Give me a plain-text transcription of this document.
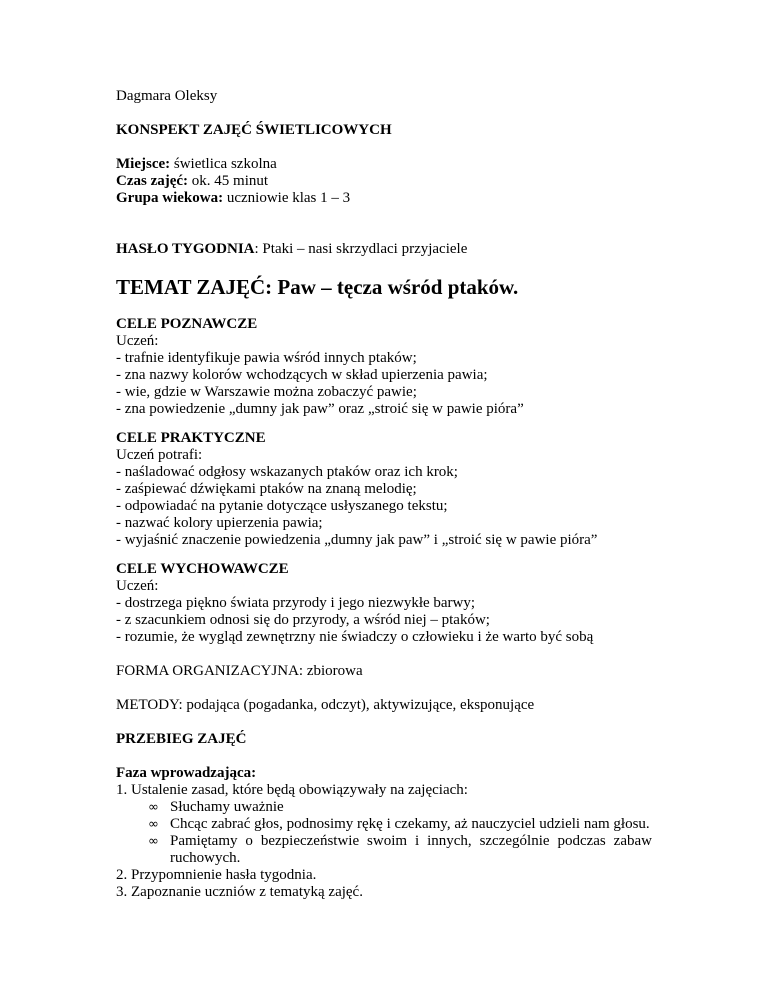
Dagmara Oleksy

KONSPEKT ZAJĘĆ ŚWIETLICOWYCH

Miejsce: świetlica szkolna

Czas zajęć: ok. 45 minut

Grupa wiekowa: uczniowie klas 1 – 3

HASŁO TYGODNIA: Ptaki – nasi skrzydlaci przyjaciele

TEMAT ZAJĘĆ: Paw – tęcza wśród ptaków.

CELE POZNAWCZE

Uczeń:

- trafnie identyfikuje pawia wśród innych ptaków;

- zna nazwy kolorów wchodzących w skład upierzenia pawia;

- wie, gdzie w Warszawie można zobaczyć pawie;

- zna powiedzenie „dumny jak paw” oraz „stroić się w pawie pióra”

CELE PRAKTYCZNE

Uczeń potrafi:

- naśladować odgłosy wskazanych ptaków oraz ich krok;

- zaśpiewać dźwiękami ptaków na znaną melodię;

- odpowiadać na pytanie dotyczące usłyszanego tekstu;

- nazwać kolory upierzenia pawia;

- wyjaśnić znaczenie powiedzenia „dumny jak paw” i „stroić się w pawie pióra”

CELE WYCHOWAWCZE

Uczeń:

- dostrzega piękno świata przyrody i jego niezwykłe barwy;

- z szacunkiem odnosi się do przyrody, a wśród niej – ptaków;

- rozumie, że wygląd zewnętrzny nie świadczy o człowieku i że warto być sobą

FORMA ORGANIZACYJNA: zbiorowa

METODY: podająca (pogadanka, odczyt), aktywizujące, eksponujące

PRZEBIEG ZAJĘĆ

Faza wprowadzająca:

1. Ustalenie zasad, które będą obowiązywały na zajęciach:

∞ Słuchamy uważnie
∞ Chcąc zabrać głos, podnosimy rękę i czekamy, aż nauczyciel udzieli nam głosu.
∞ Pamiętamy o bezpieczeństwie swoim i innych, szczególnie podczas zabaw ruchowych.

2. Przypomnienie hasła tygodnia.

3. Zapoznanie uczniów z tematyką zajęć.
